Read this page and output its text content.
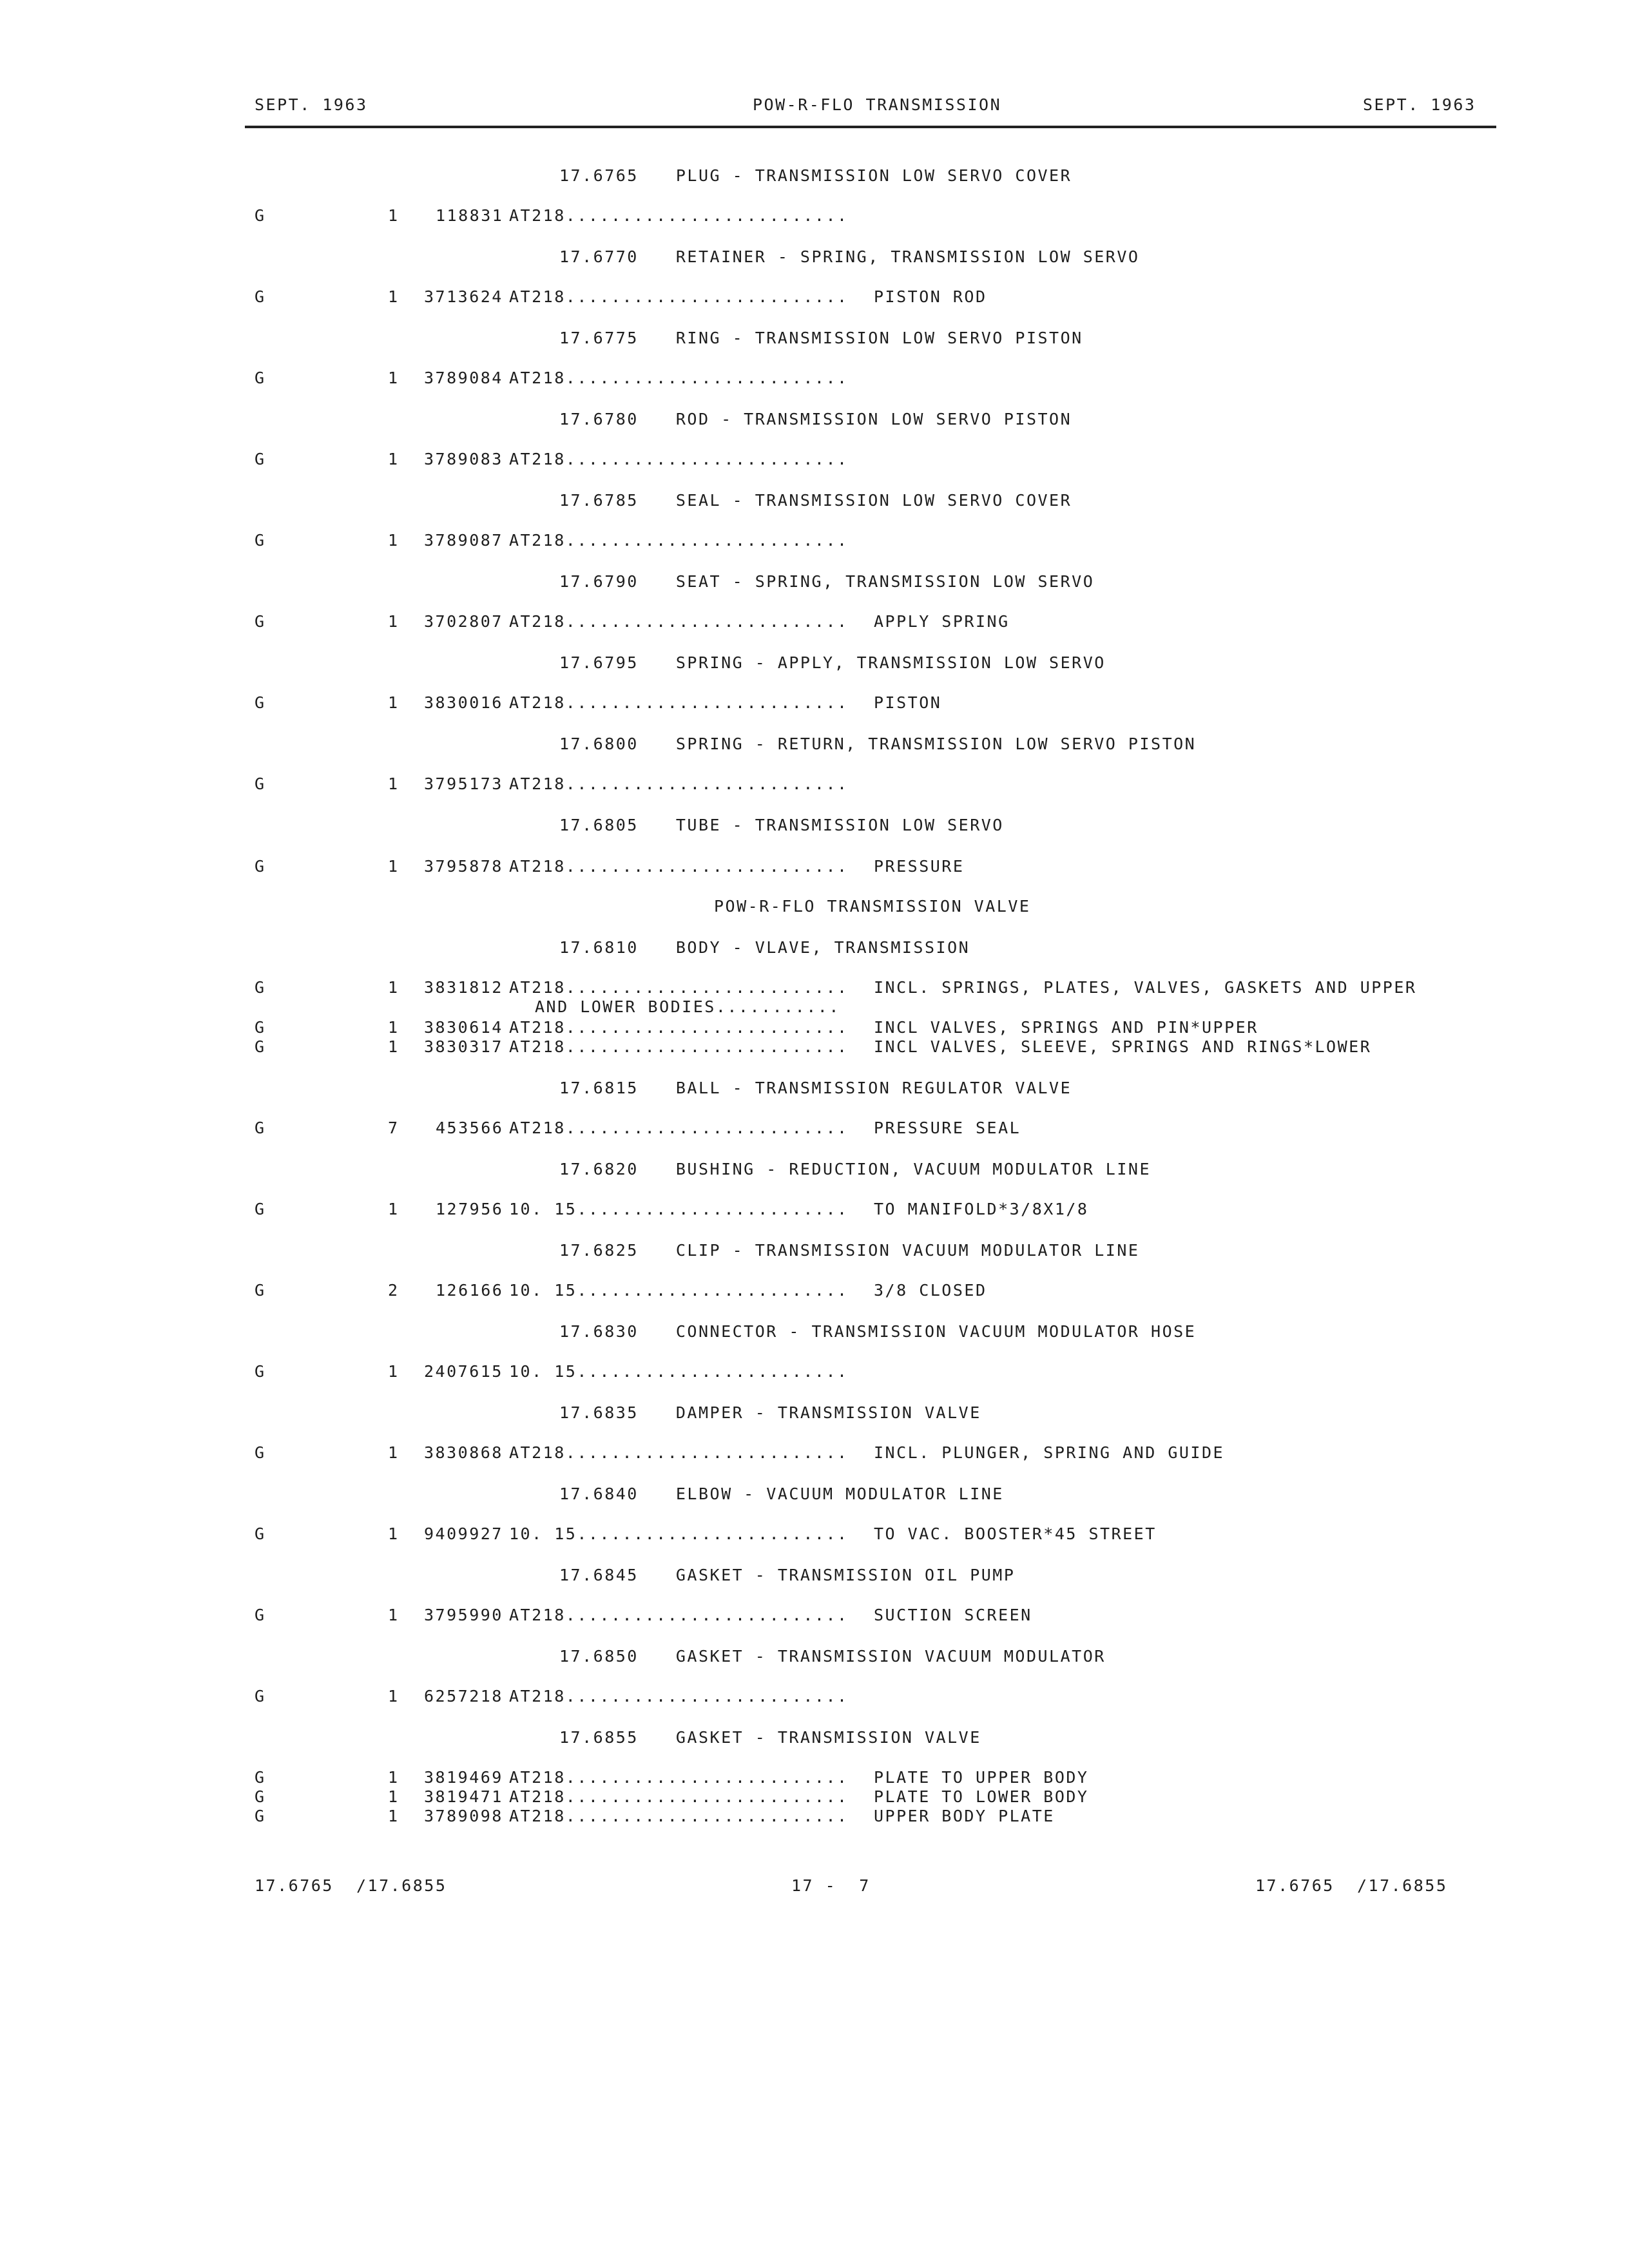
SEPT. 1963	POW-R-FLO TRANSMISSION	SEPT. 1963
17.6765 PLUG - TRANSMISSION LOW SERVO COVER
G	1 118831 AT218.........................
17.6770 RETAINER - SPRING, TRANSMISSION LOW SERVO
G	1 3713624 AT218......................... PISTON ROD
17.6775 RING - TRANSMISSION LOW SERVO PISTON
G	1 3789084 AT218.........................
17.6780 ROD - TRANSMISSION LOW SERVO PISTON
G	1 3789083 AT218.........................
17.6785 SEAL - TRANSMISSION LOW SERVO COVER
G	1 3789087 AT218.........................
17.6790 SEAT - SPRING, TRANSMISSION LOW SERVO
G	1 3702807 AT218......................... APPLY SPRING
17.6795 SPRING - APPLY, TRANSMISSION LOW SERVO
G	1 3830016 AT218......................... PISTON
17.6800 SPRING - RETURN, TRANSMISSION LOW SERVO PISTON
G	1 3795173 AT218.........................
17.6805 TUBE - TRANSMISSION LOW SERVO
G	1 3795878 AT218......................... PRESSURE
POW-R-FLO TRANSMISSION VALVE
17.6810 BODY - VLAVE, TRANSMISSION
G	1 3831812 AT218......................... INCL. SPRINGS, PLATES, VALVES, GASKETS AND UPPER
AND LOWER BODIES...........
G	1 3830614 AT218......................... INCL VALVES, SPRINGS AND PIN*UPPER
G	1 3830317 AT218......................... INCL VALVES, SLEEVE, SPRINGS AND RINGS*LOWER
17.6815 BALL - TRANSMISSION REGULATOR VALVE
G	7 453566 AT218......................... PRESSURE SEAL
17.6820 BUSHING - REDUCTION, VACUUM MODULATOR LINE
G	1 127956 10. 15........................ TO MANIFOLD*3/8X1/8
17.6825 CLIP - TRANSMISSION VACUUM MODULATOR LINE
G	2 126166 10. 15........................ 3/8 CLOSED
17.6830 CONNECTOR - TRANSMISSION VACUUM MODULATOR HOSE
G	1 2407615 10. 15........................
17.6835 DAMPER - TRANSMISSION VALVE
G	1 3830868 AT218......................... INCL. PLUNGER, SPRING AND GUIDE
17.6840 ELBOW - VACUUM MODULATOR LINE
G	1 9409927 10. 15........................ TO VAC. BOOSTER*45 STREET
17.6845 GASKET - TRANSMISSION OIL PUMP
G	1 3795990 AT218......................... SUCTION SCREEN
17.6850 GASKET - TRANSMISSION VACUUM MODULATOR
G	1 6257218 AT218.........................
17.6855 GASKET - TRANSMISSION VALVE
G	1 3819469 AT218......................... PLATE TO UPPER BODY
G	1 3819471 AT218......................... PLATE TO LOWER BODY
G	1 3789098 AT218......................... UPPER BODY PLATE
17.6765  /17.6855	17 -  7	17.6765  /17.6855
